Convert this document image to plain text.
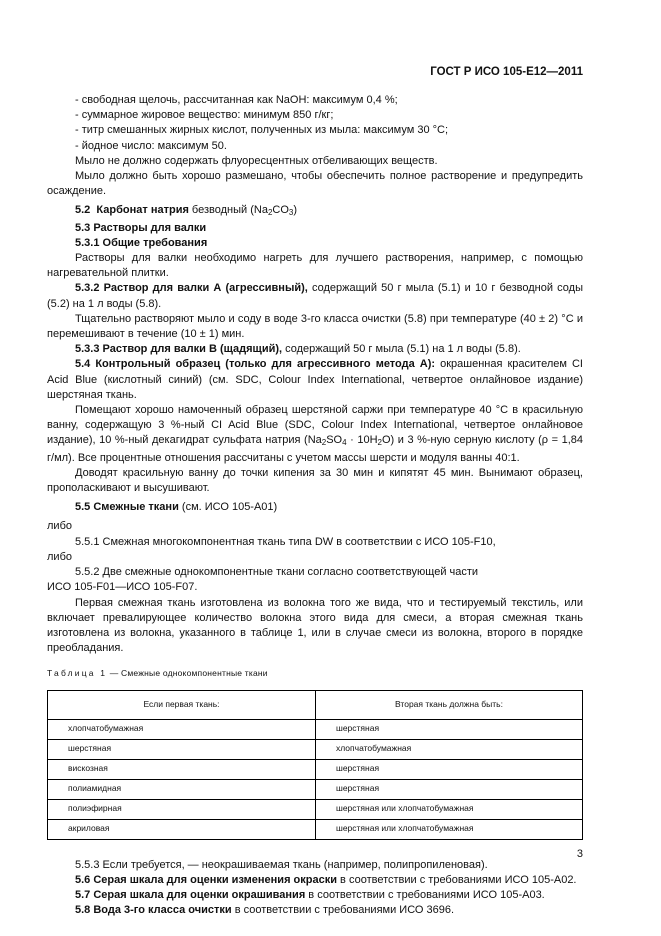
ГОСТ Р ИСО 105-Е12—2011

- свободная щелочь, рассчитанная как NaOH: максимум 0,4 %;

- суммарное жировое вещество: минимум 850 г/кг;

- титр смешанных жирных кислот, полученных из мыла: максимум 30 °С;

- йодное число: максимум 50.

Мыло не должно содержать флуоресцентных отбеливающих веществ.

Мыло должно быть хорошо размешано, чтобы обеспечить полное растворение и предупредить осаждение.

5.2 Карбонат натрия безводный $(Na_2CO_3)$

5.3 Растворы для валки

5.3.1 Общие требования

Растворы для валки необходимо нагреть для лучшего растворения, например, с помощью нагревательной плитки.

5.3.2 Раствор для валки А (агрессивный), содержащий 50 г мыла (5.1) и 10 г безводной соды (5.2) на 1 л воды (5.8).

Тщательно растворяют мыло и соду в воде 3-го класса очистки (5.8) при температуре (40 ± 2) °С и перемешивают в течение (10 ± 1) мин.

5.3.3 Раствор для валки В (щадящий), содержащий 50 г мыла (5.1) на 1 л воды (5.8).

5.4 Контрольный образец (только для агрессивного метода А): окрашенная красителем CI Acid Blue (кислотный синий) (см. SDC, Colour Index International, четвертое онлайновое издание) шерстяная ткань.

Помещают хорошо намоченный образец шерстяной саржи при температуре 40 °С в красильную ванну, содержащую 3 %-ный CI Acid Blue (SDC, Colour Index International, четвертое онлайновое издание), 10 %-ный декагидрат сульфата натрия $(Na_2SO_4 \cdot 10H_2O)$ и 3 %-ную серную кислоту (ρ = 1,84 г/мл). Все процентные отношения рассчитаны с учетом массы шерсти и модуля ванны 40:1.

Доводят красильную ванну до точки кипения за 30 мин и кипятят 45 мин. Вынимают образец, прополаскивают и высушивают.

5.5 Смежные ткани (см. ИСО 105-А01)

либо

5.5.1 Смежная многокомпонентная ткань типа DW в соответствии с ИСО 105-F10,

либо

5.5.2 Две смежные однокомпонентные ткани согласно соответствующей части

ИСО 105-F01—ИСО 105-F07.

Первая смежная ткань изготовлена из волокна того же вида, что и тестируемый текстиль, или включает превалирующее количество волокна этого вида для смеси, а вторая смежная ткань изготовлена из волокна, указанного в таблице 1, или в случае смеси из волокна, второго в порядке преобладания.

Таблица 1 — Смежные однокомпонентные ткани
Если первая ткань:	Вторая ткань должна быть:
хлопчатобумажная	шерстяная
шерстяная	хлопчатобумажная
вискозная	шерстяная
полиамидная	шерстяная
полиэфирная	шерстяная или хлопчатобумажная
акриловая	шерстяная или хлопчатобумажная

5.5.3 Если требуется, — неокрашиваемая ткань (например, полипропиленовая).

5.6 Серая шкала для оценки изменения окраски в соответствии с требованиями ИСО 105-А02.

5.7 Серая шкала для оценки окрашивания в соответствии с требованиями ИСО 105-А03.

5.8 Вода 3-го класса очистки в соответствии с требованиями ИСО 3696.

3
